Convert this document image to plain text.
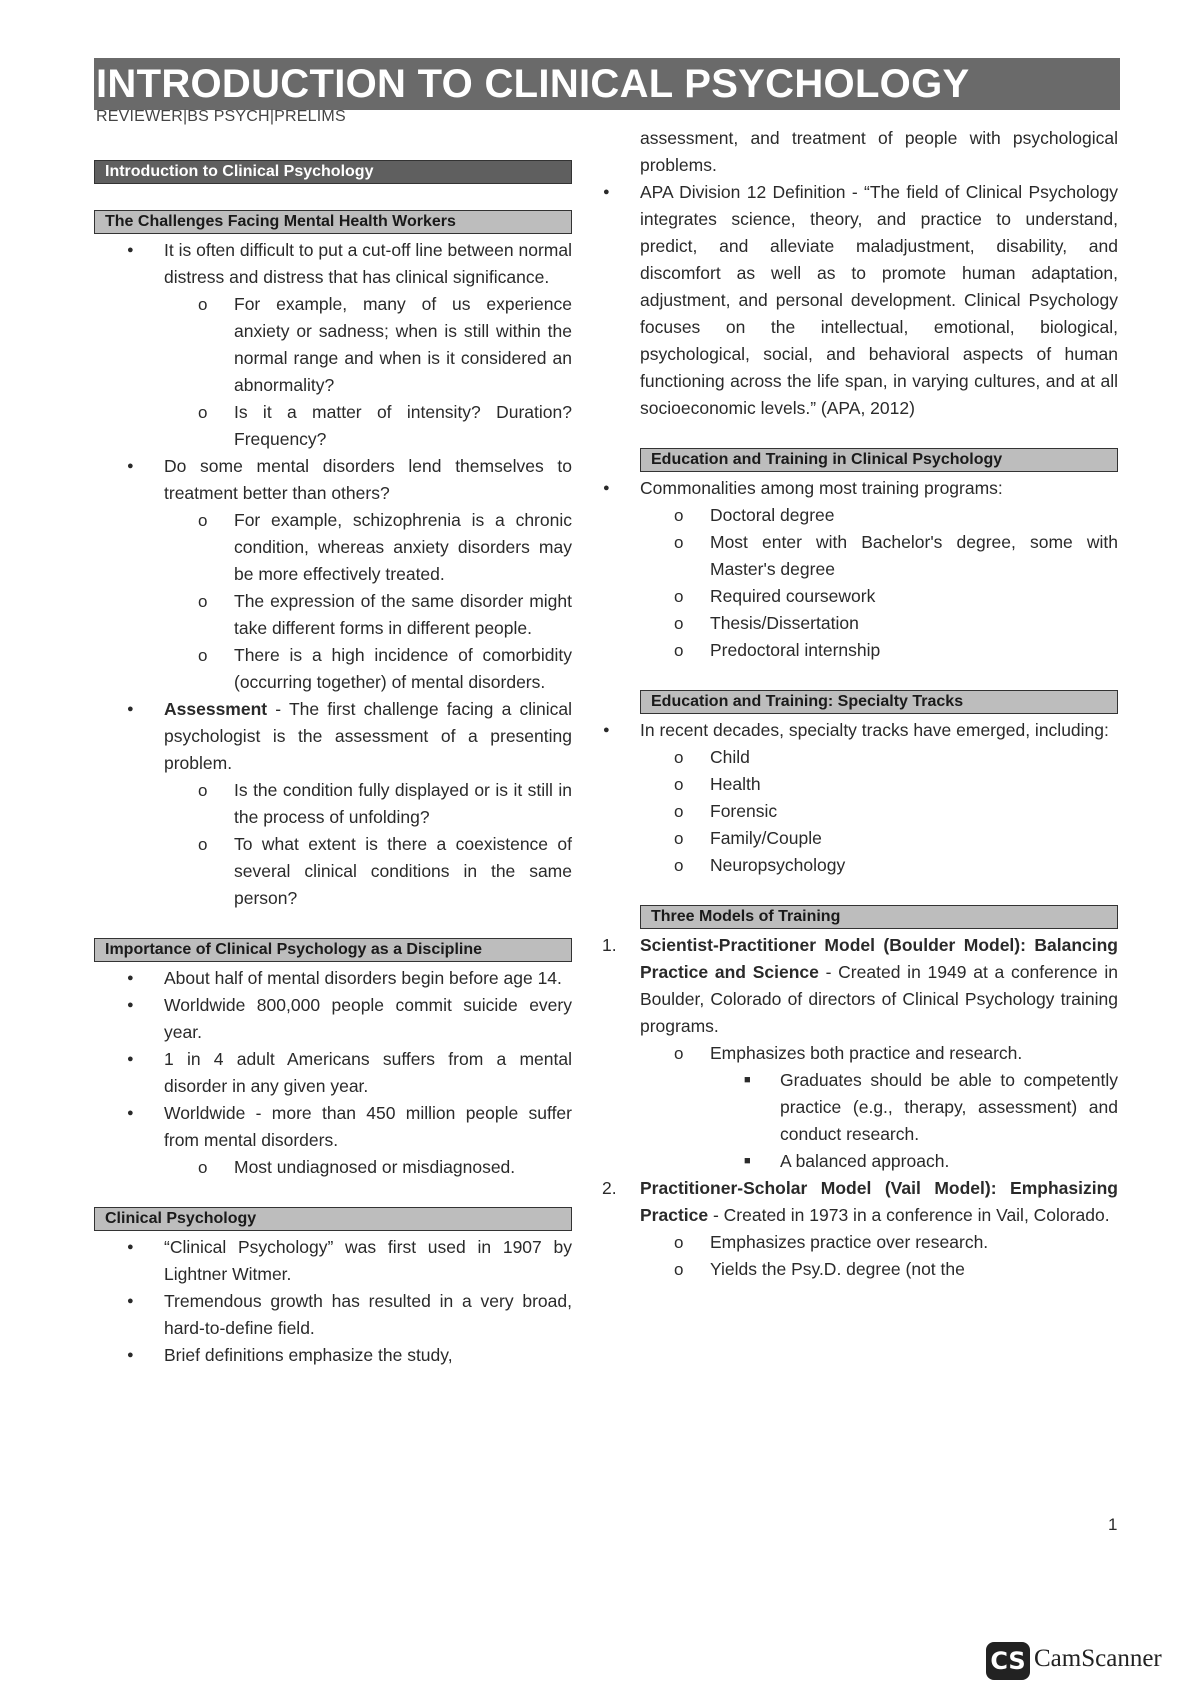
INTRODUCTION TO CLINICAL PSYCHOLOGY
REVIEWER|BS PSYCH|PRELIMS
Introduction to Clinical Psychology
The Challenges Facing Mental Health Workers
● It is often difficult to put a cut-off line between normal distress and distress that has clinical significance.
o For example, many of us experience anxiety or sadness; when is still within the normal range and when is it considered an abnormality?
o Is it a matter of intensity? Duration? Frequency?
● Do some mental disorders lend themselves to treatment better than others?
o For example, schizophrenia is a chronic condition, whereas anxiety disorders may be more effectively treated.
o The expression of the same disorder might take different forms in different people.
o There is a high incidence of comorbidity (occurring together) of mental disorders.
● Assessment - The first challenge facing a clinical psychologist is the assessment of a presenting problem.
o Is the condition fully displayed or is it still in the process of unfolding?
o To what extent is there a coexistence of several clinical conditions in the same person?
Importance of Clinical Psychology as a Discipline
● About half of mental disorders begin before age 14.
● Worldwide 800,000 people commit suicide every year.
● 1 in 4 adult Americans suffers from a mental disorder in any given year.
● Worldwide - more than 450 million people suffer from mental disorders.
o Most undiagnosed or misdiagnosed.
Clinical Psychology
● “Clinical Psychology” was first used in 1907 by Lightner Witmer.
● Tremendous growth has resulted in a very broad, hard-to-define field.
● Brief definitions emphasize the study,
assessment, and treatment of people with psychological problems.
● APA Division 12 Definition - “The field of Clinical Psychology integrates science, theory, and practice to understand, predict, and alleviate maladjustment, disability, and discomfort as well as to promote human adaptation, adjustment, and personal development. Clinical Psychology focuses on the intellectual, emotional, biological, psychological, social, and behavioral aspects of human functioning across the life span, in varying cultures, and at all socioeconomic levels.” (APA, 2012)
Education and Training in Clinical Psychology
● Commonalities among most training programs:
o Doctoral degree
o Most enter with Bachelor's degree, some with Master's degree
o Required coursework
o Thesis/Dissertation
o Predoctoral internship
Education and Training: Specialty Tracks
● In recent decades, specialty tracks have emerged, including:
o Child
o Health
o Forensic
o Family/Couple
o Neuropsychology
Three Models of Training
1. Scientist-Practitioner Model (Boulder Model): Balancing Practice and Science - Created in 1949 at a conference in Boulder, Colorado of directors of Clinical Psychology training programs.
o Emphasizes both practice and research.
■ Graduates should be able to competently practice (e.g., therapy, assessment) and conduct research.
■ A balanced approach.
2. Practitioner-Scholar Model (Vail Model): Emphasizing Practice - Created in 1973 in a conference in Vail, Colorado.
o Emphasizes practice over research.
o Yields the Psy.D. degree (not the
1
CS CamScanner
